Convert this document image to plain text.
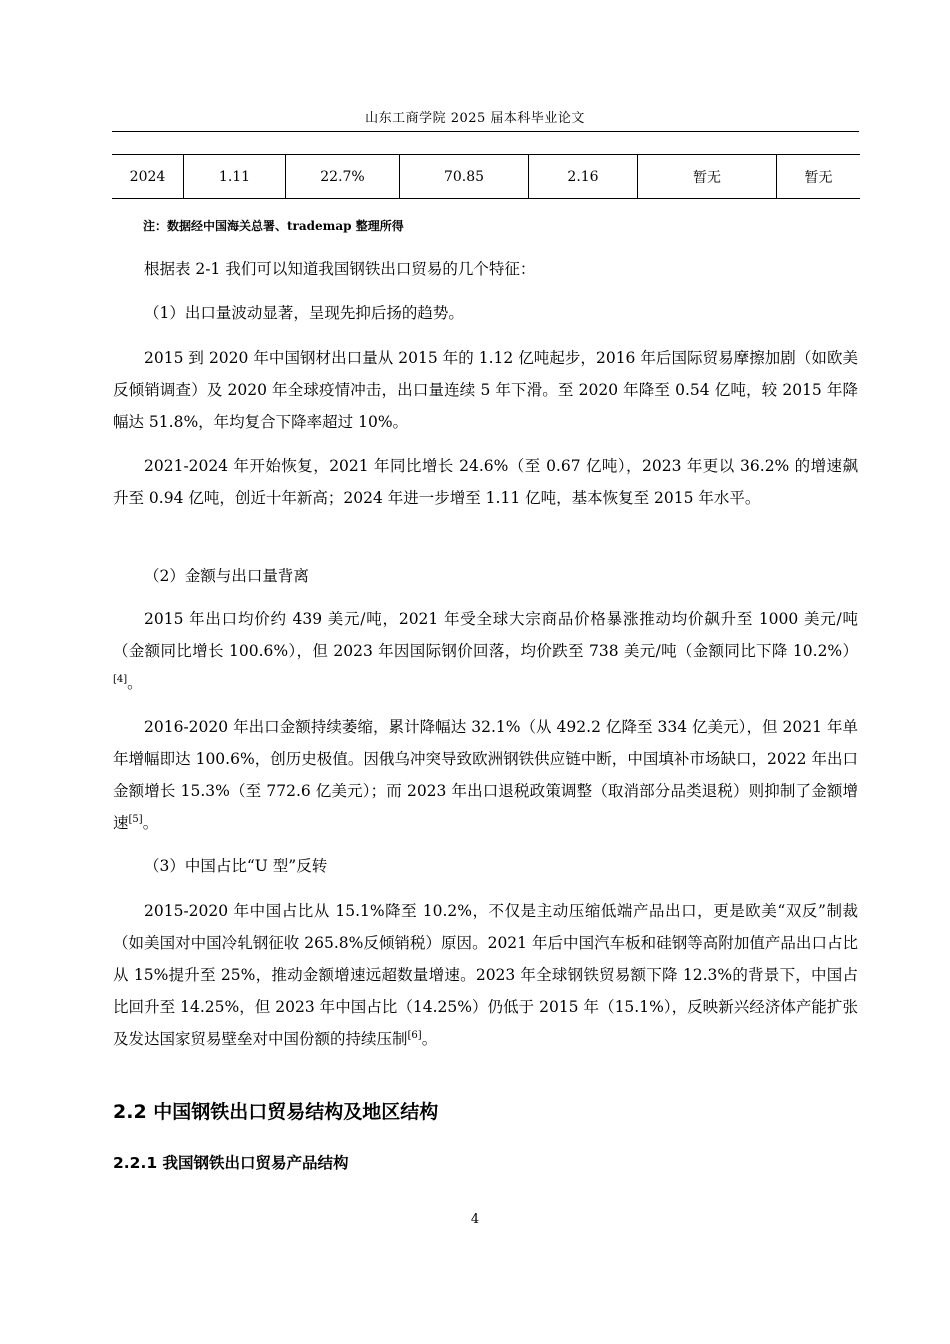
山东工商学院 2025 届本科毕业论文
2024	1.11	22.7%	70.85	2.16	暂无	暂无
注：数据经中国海关总署、trademap 整理所得

根据表 2-1 我们可以知道我国钢铁出口贸易的几个特征：

（1）出口量波动显著，呈现先抑后扬的趋势。

2015 到 2020 年中国钢材出口量从 2015 年的 1.12 亿吨起步，2016 年后国际贸易摩擦加剧（如欧美反倾销调查）及 2020 年全球疫情冲击，出口量连续 5 年下滑。至 2020 年降至 0.54 亿吨，较 2015 年降幅达 51.8%，年均复合下降率超过 10%。

2021-2024 年开始恢复，2021 年同比增长 24.6%（至 0.67 亿吨），2023 年更以 36.2% 的增速飙升至 0.94 亿吨，创近十年新高；2024 年进一步增至 1.11 亿吨，基本恢复至 2015 年水平。

（2）金额与出口量背离

2015 年出口均价约 439 美元/吨，2021 年受全球大宗商品价格暴涨推动均价飙升至 1000 美元/吨（金额同比增长 100.6%），但 2023 年因国际钢价回落，均价跌至 738 美元/吨（金额同比下降 10.2%）[4]。

2016-2020 年出口金额持续萎缩，累计降幅达 32.1%（从 492.2 亿降至 334 亿美元），但 2021 年单年增幅即达 100.6%，创历史极值。因俄乌冲突导致欧洲钢铁供应链中断，中国填补市场缺口，2022 年出口金额增长 15.3%（至 772.6 亿美元）；而 2023 年出口退税政策调整（取消部分品类退税）则抑制了金额增速[5]。

（3）中国占比“U 型”反转

2015-2020 年中国占比从 15.1%降至 10.2%，不仅是主动压缩低端产品出口，更是欧美“双反”制裁（如美国对中国冷轧钢征收 265.8%反倾销税）原因。2021 年后中国汽车板和硅钢等高附加值产品出口占比从 15%提升至 25%，推动金额增速远超数量增速。2023 年全球钢铁贸易额下降 12.3%的背景下，中国占比回升至 14.25%，但 2023 年中国占比（14.25%）仍低于 2015 年（15.1%），反映新兴经济体产能扩张及发达国家贸易壁垒对中国份额的持续压制[6]。

2.2 中国钢铁出口贸易结构及地区结构
2.2.1 我国钢铁出口贸易产品结构
4
